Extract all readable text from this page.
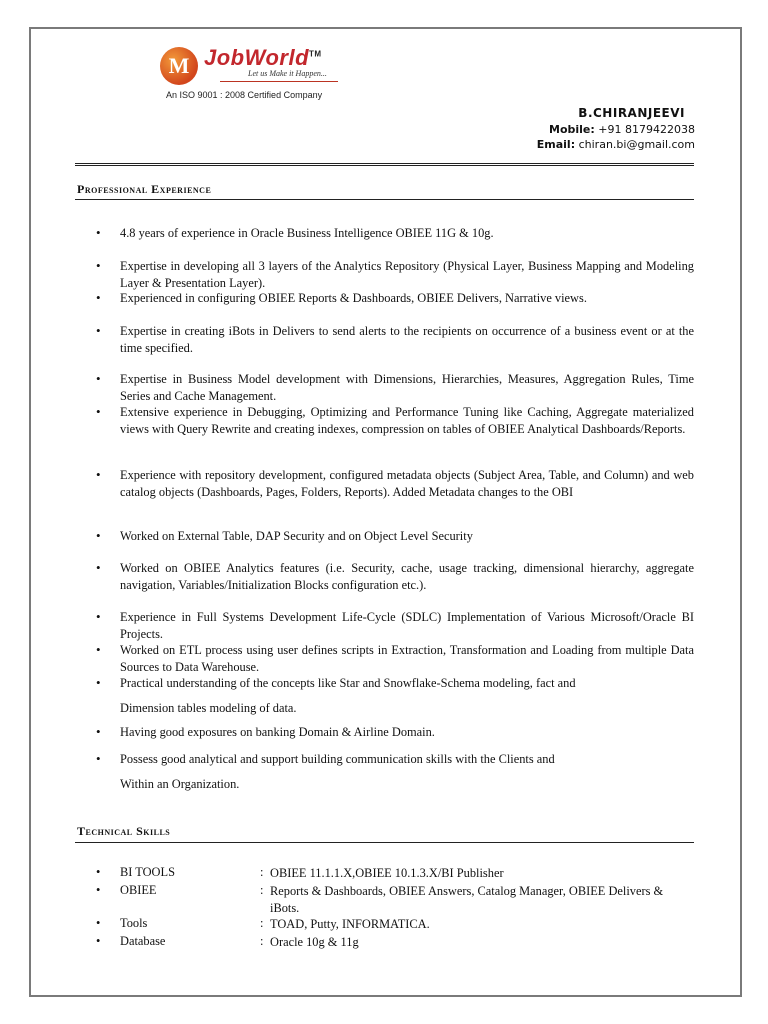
M JobWorld™
Let us Make it Happen...
An ISO 9001 : 2008 Certified Company
B.CHIRANJEEVI
Mobile: +91 8179422038
Email: chiran.bi@gmail.com
Professional Experience
• 4.8 years of experience in Oracle Business Intelligence OBIEE 11G & 10g.
• Expertise in developing all 3 layers of the Analytics Repository (Physical Layer, Business Mapping and Modeling Layer & Presentation Layer).
• Experienced in configuring OBIEE Reports & Dashboards, OBIEE Delivers, Narrative views.
• Expertise in creating iBots in Delivers to send alerts to the recipients on occurrence of a business event or at the time specified.
• Expertise in Business Model development with Dimensions, Hierarchies, Measures, Aggregation Rules, Time Series and Cache Management.
• Extensive experience in Debugging, Optimizing and Performance Tuning like Caching, Aggregate materialized views with Query Rewrite and creating indexes, compression on tables of OBIEE Analytical Dashboards/Reports.
• Experience with repository development, configured metadata objects (Subject Area, Table, and Column) and web catalog objects (Dashboards, Pages, Folders, Reports). Added Metadata changes to the OBI
• Worked on External Table, DAP Security and on Object Level Security
• Worked on OBIEE Analytics features (i.e. Security, cache, usage tracking, dimensional hierarchy, aggregate navigation, Variables/Initialization Blocks configuration etc.).
• Experience in Full Systems Development Life-Cycle (SDLC) Implementation of Various Microsoft/Oracle BI Projects.
• Worked on ETL process using user defines scripts in Extraction, Transformation and Loading from multiple Data Sources to Data Warehouse.
• Practical understanding of the concepts like Star and Snowflake-Schema modeling, fact and
Dimension tables modeling of data.
• Having good exposures on banking Domain & Airline Domain.
• Possess good analytical and support building communication skills with the Clients and
Within an Organization.
Technical Skills
• BI TOOLS	: OBIEE 11.1.1.X,OBIEE 10.1.3.X/BI Publisher
• OBIEE	: Reports & Dashboards, OBIEE Answers, Catalog Manager, OBIEE Delivers & iBots.
• Tools	: TOAD, Putty, INFORMATICA.
• Database	: Oracle 10g & 11g
